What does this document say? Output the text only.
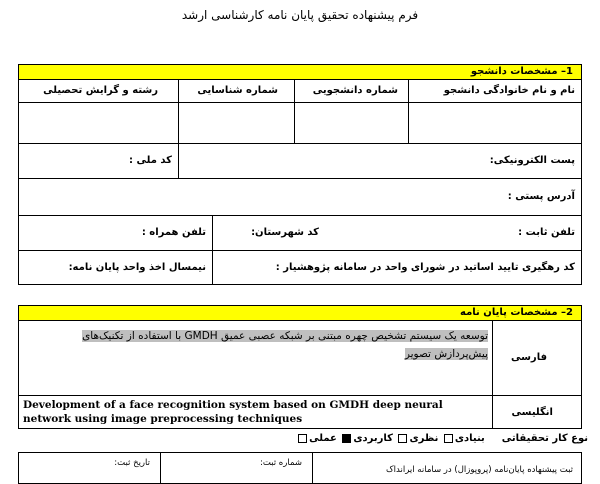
فرم پیشنهاده تحقیق پایان نامه کارشناسی ارشد
1– مشخصات دانشجو
نام و نام خانوادگی دانشجو
شماره دانشجویی
شماره شناسایی
رشته و گرایش تحصیلی
پست الکترونیکی:
کد ملی :
آدرس پستی :
تلفن ثابت :
کد شهرستان:
تلفن همراه :
کد رهگیری تایید اساتید در شورای واحد در سامانه پژوهشیار :
نیمسال اخذ واحد پایان نامه:
2– مشخصات پایان نامه
توسعه یک سیستم تشخیص چهره مبتنی بر شبکه عصبی عمیق GMDH با استفاده از تکنیک‌های
پیش‌پردازش تصویر فارسی
Development of a face recognition system based on GMDH deep neural network using image preprocessing techniques
انگلیسی
نوع کار تحقیقاتی  بنیادی نظری کاربردی عملی
ثبت پیشنهاده پایان‌نامه (پروپوزال) در سامانه ایرانداک
شماره ثبت:
تاریخ ثبت:
